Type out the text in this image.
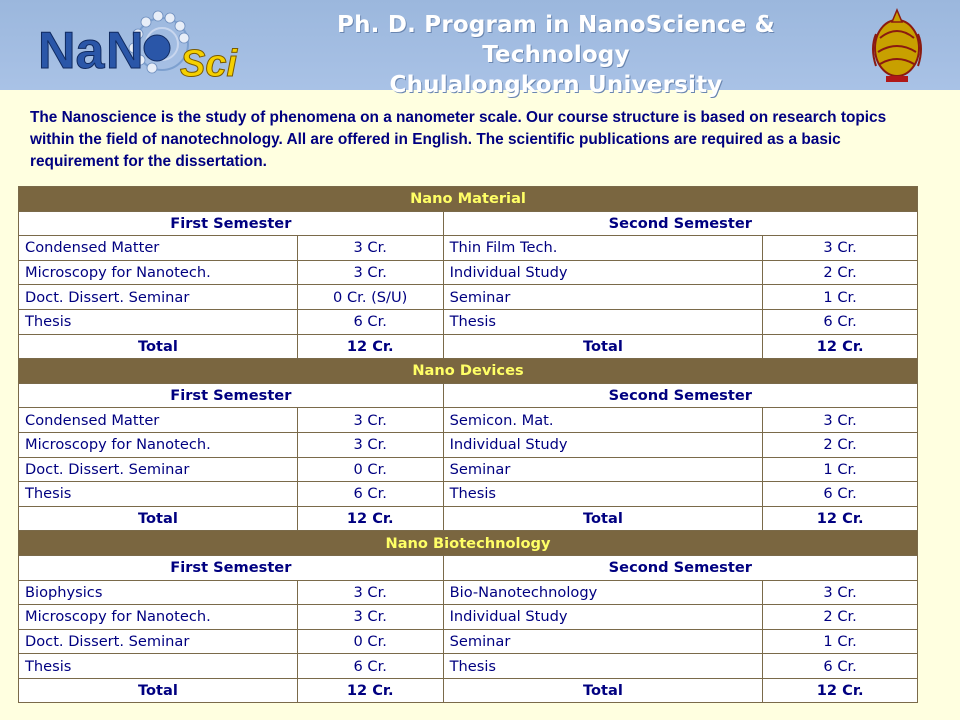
Na N Sci
Ph. D. Program in NanoScience & Technology
Chulalongkorn University

The Nanoscience is the study of phenomena on a nanometer scale. Our course structure is based on research topics within the field of nanotechnology. All are offered in English. The scientific publications are required as a basic requirement for the dissertation.

Nano Material			
First Semester		Second Semester	
Condensed Matter	3 Cr.	Thin Film Tech.	3 Cr.
Microscopy for Nanotech.	3 Cr.	Individual Study	2 Cr.
Doct. Dissert. Seminar	0 Cr. (S/U)	Seminar	1 Cr.
Thesis	6 Cr.	Thesis	6 Cr.
Total	12 Cr.	Total	12 Cr.
Nano Devices			
First Semester		Second Semester	
Condensed Matter	3 Cr.	Semicon. Mat.	3 Cr.
Microscopy for Nanotech.	3 Cr.	Individual Study	2 Cr.
Doct. Dissert. Seminar	0 Cr.	Seminar	1 Cr.
Thesis	6 Cr.	Thesis	6 Cr.
Total	12 Cr.	Total	12 Cr.
Nano Biotechnology			
First Semester		Second Semester	
Biophysics	3 Cr.	Bio-Nanotechnology	3 Cr.
Microscopy for Nanotech.	3 Cr.	Individual Study	2 Cr.
Doct. Dissert. Seminar	0 Cr.	Seminar	1 Cr.
Thesis	6 Cr.	Thesis	6 Cr.
Total	12 Cr.	Total	12 Cr.
